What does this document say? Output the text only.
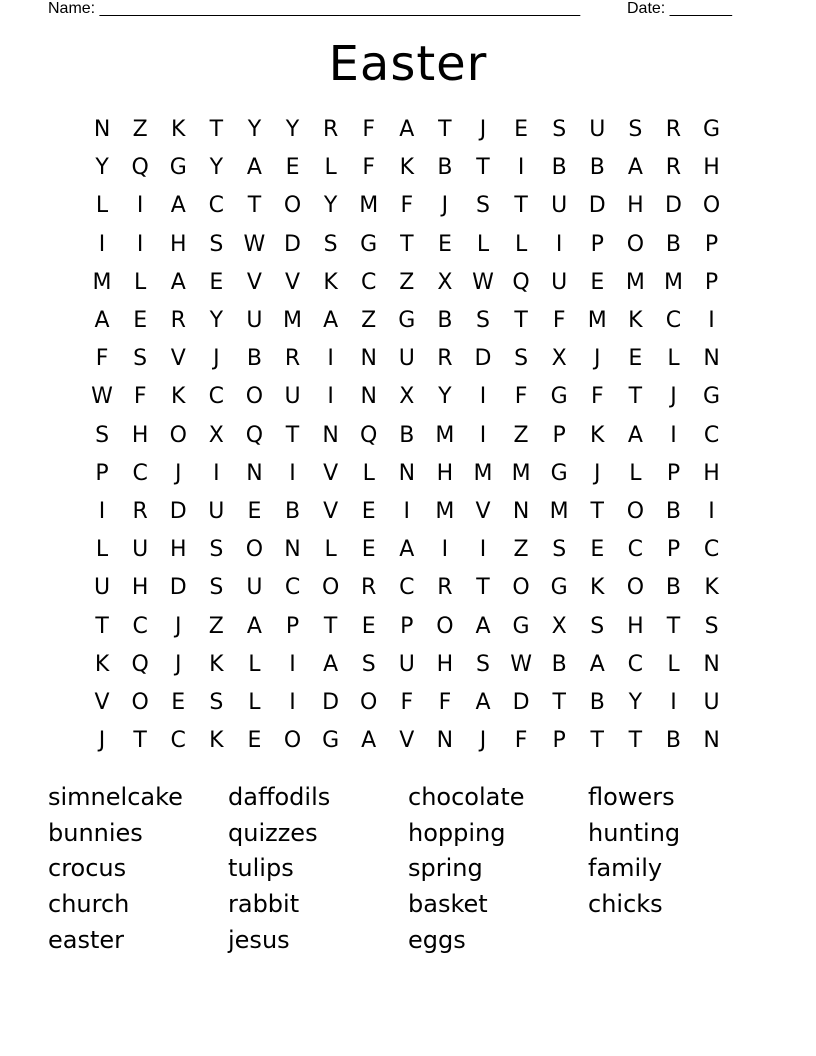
Name: ______________________________________________________	Date: _______
Easter
N	Z	K	T	Y	Y	R	F	A	T	J	E	S	U	S	R G
Y	Q G	Y	A	E	L	F	K	B	T	I	B	B	A	R	H
L	I	A	C	T	O	Y M	F	J	S	T	U D H D O
I	I	H	S W D	S	G	T	E	L	L	I	P	O B	P
M	L	A	E	V	V	K	C	Z	X W Q U	E M M P
A	E	R	Y	U M A	Z	G	B	S	T	F	M K	C	I
F	S	V	J	B	R	I	N U	R D	S	X	J	E	L	N
W F	K	C O U	I	N	X	Y	I	F	G	F	T	J	G
S	H O X Q	T	N Q B M	I	Z	P	K	A	I	C
P	C	J	I	N	I	V	L	N H M M G	J	L	P	H
I	R D U	E	B	V	E	I	M V	N M T	O B	I
L	U H	S	O N	L	E	A	I	I	Z	S	E	C	P	C
U H D	S	U	C O R	C	R	T	O G	K	O B	K
T	C	J	Z	A	P	T	E	P	O A	G	X	S	H	T	S
K	Q	J	K	L	I	A	S	U H	S W B	A	C	L	N
V O	E	S	L	I	D O	F	F	A	D	T	B	Y	I	U
J	T	C	K	E	O G	A	V	N	J	F	P	T	T	B	N
simnelcake	daffodils	chocolate	flowers
bunnies	quizzes	hopping	hunting
crocus	tulips	spring	family
church	rabbit	basket	chicks
easter	jesus	eggs
